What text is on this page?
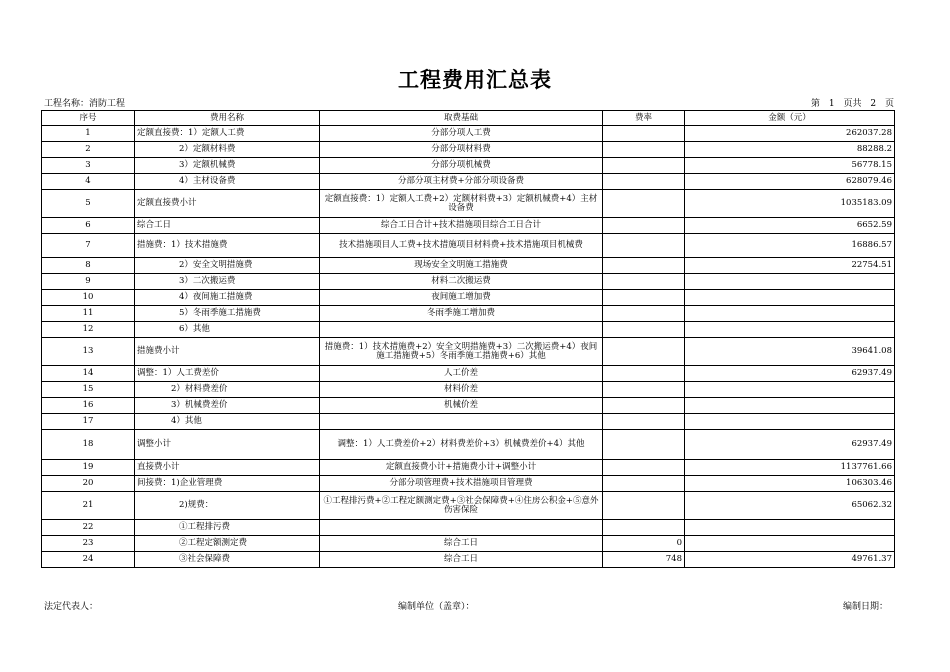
工程费用汇总表
工程名称：消防工程	第 1 页共 2 页
序号	费用名称	取费基础	费率	金额（元）
1	定额直接费：1）定额人工费	分部分项人工费		262037.28
2	2）定额材料费	分部分项材料费		88288.2
3	3）定额机械费	分部分项机械费		56778.15
4	4）主材设备费	分部分项主材费+分部分项设备费		628079.46
5	定额直接费小计	定额直接费：1）定额人工费+2）定额材料费+3）定额机械费+4）主材设备费		1035183.09
6	综合工日	综合工日合计+技术措施项目综合工日合计		6652.59
7	措施费：1）技术措施费	技术措施项目人工费+技术措施项目材料费+技术措施项目机械费		16886.57
8	2）安全文明措施费	现场安全文明施工措施费		22754.51
9	3）二次搬运费	材料二次搬运费		
10	4）夜间施工措施费	夜间施工增加费		
11	5）冬雨季施工措施费	冬雨季施工增加费		
12	6）其他			
13	措施费小计	措施费：1）技术措施费+2）安全文明措施费+3）二次搬运费+4）夜间施工措施费+5）冬雨季施工措施费+6）其他		39641.08
14	调整：1）人工费差价	人工价差		62937.49
15	2）材料费差价	材料价差		
16	3）机械费差价	机械价差		
17	4）其他			
18	调整小计	调整：1）人工费差价+2）材料费差价+3）机械费差价+4）其他		62937.49
19	直接费小计	定额直接费小计+措施费小计+调整小计		1137761.66
20	间接费：1)企业管理费	分部分项管理费+技术措施项目管理费		106303.46
21	2)规费：	①工程排污费+②工程定额测定费+③社会保障费+④住房公积金+⑤意外伤害保险		65062.32
22	①工程排污费			
23	②工程定额测定费	综合工日	0	
24	③社会保障费	综合工日	748	49761.37
法定代表人：	编制单位（盖章）：	编制日期：
